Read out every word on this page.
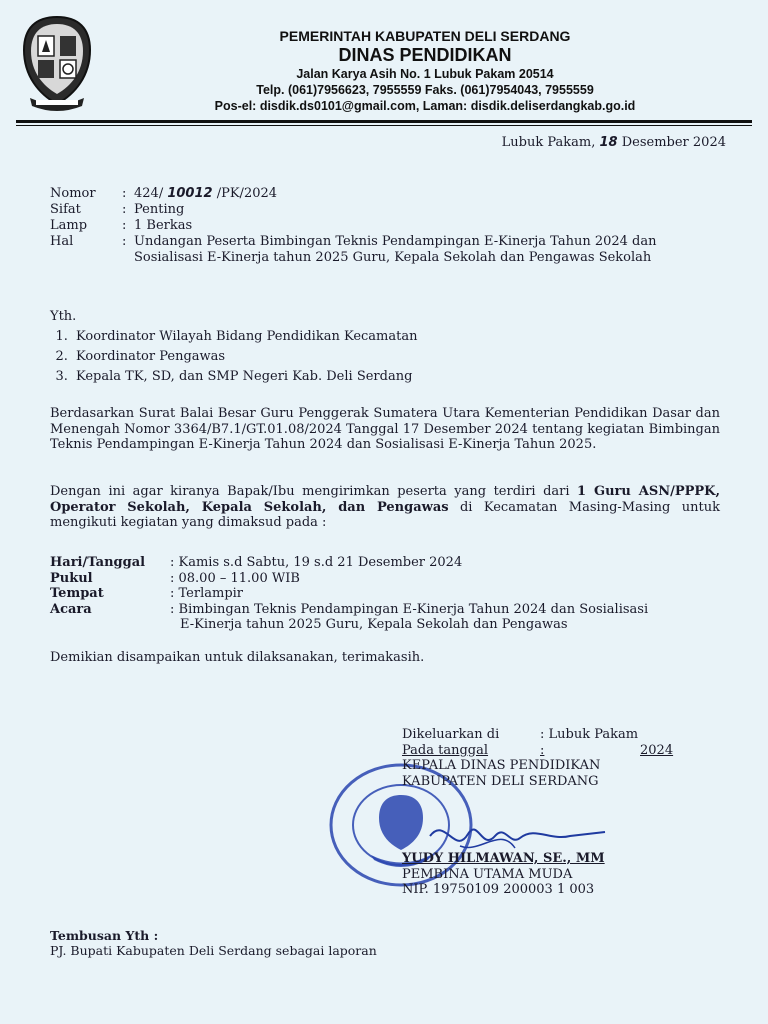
PEMERINTAH KABUPATEN DELI SERDANG
DINAS PENDIDIKAN
Jalan Karya Asih No. 1 Lubuk Pakam 20514
Telp. (061)7956623, 7955559 Faks. (061)7954043, 7955559
Pos-el: disdik.ds0101@gmail.com, Laman: disdik.deliserdangkab.go.id
Lubuk Pakam, 18 Desember 2024
Nomor	: 424/ 10012 /PK/2024
Sifat	: Penting
Lamp	: 1 Berkas
Hal	: Undangan Peserta Bimbingan Teknis Pendampingan E-Kinerja Tahun 2024 dan Sosialisasi E-Kinerja tahun 2025 Guru, Kepala Sekolah dan Pengawas Sekolah
Yth.
1. Koordinator Wilayah Bidang Pendidikan Kecamatan
2. Koordinator Pengawas
3. Kepala TK, SD, dan SMP Negeri Kab. Deli Serdang
Berdasarkan Surat Balai Besar Guru Penggerak Sumatera Utara Kementerian Pendidikan Dasar dan Menengah Nomor 3364/B7.1/GT.01.08/2024 Tanggal 17 Desember 2024 tentang kegiatan Bimbingan Teknis Pendampingan E-Kinerja Tahun 2024 dan Sosialisasi E-Kinerja Tahun 2025.
Dengan ini agar kiranya Bapak/Ibu mengirimkan peserta yang terdiri dari 1 Guru ASN/PPPK, Operator Sekolah, Kepala Sekolah, dan Pengawas di Kecamatan Masing-Masing untuk mengikuti kegiatan yang dimaksud pada :
Hari/Tanggal	: Kamis s.d Sabtu, 19 s.d 21 Desember 2024
Pukul	: 08.00 – 11.00 WIB
Tempat	: Terlampir
Acara	: Bimbingan Teknis Pendampingan E-Kinerja Tahun 2024 dan Sosialisasi
E-Kinerja tahun 2025 Guru, Kepala Sekolah dan Pengawas
Demikian disampaikan untuk dilaksanakan, terimakasih.
Dikeluarkan di	: Lubuk Pakam
Pada tanggal	:	2024
KEPALA DINAS PENDIDIKAN
KABUPATEN DELI SERDANG
YUDY HILMAWAN, SE., MM
PEMBINA UTAMA MUDA
NIP. 19750109 200003 1 003
Tembusan Yth :
PJ. Bupati Kabupaten Deli Serdang sebagai laporan
